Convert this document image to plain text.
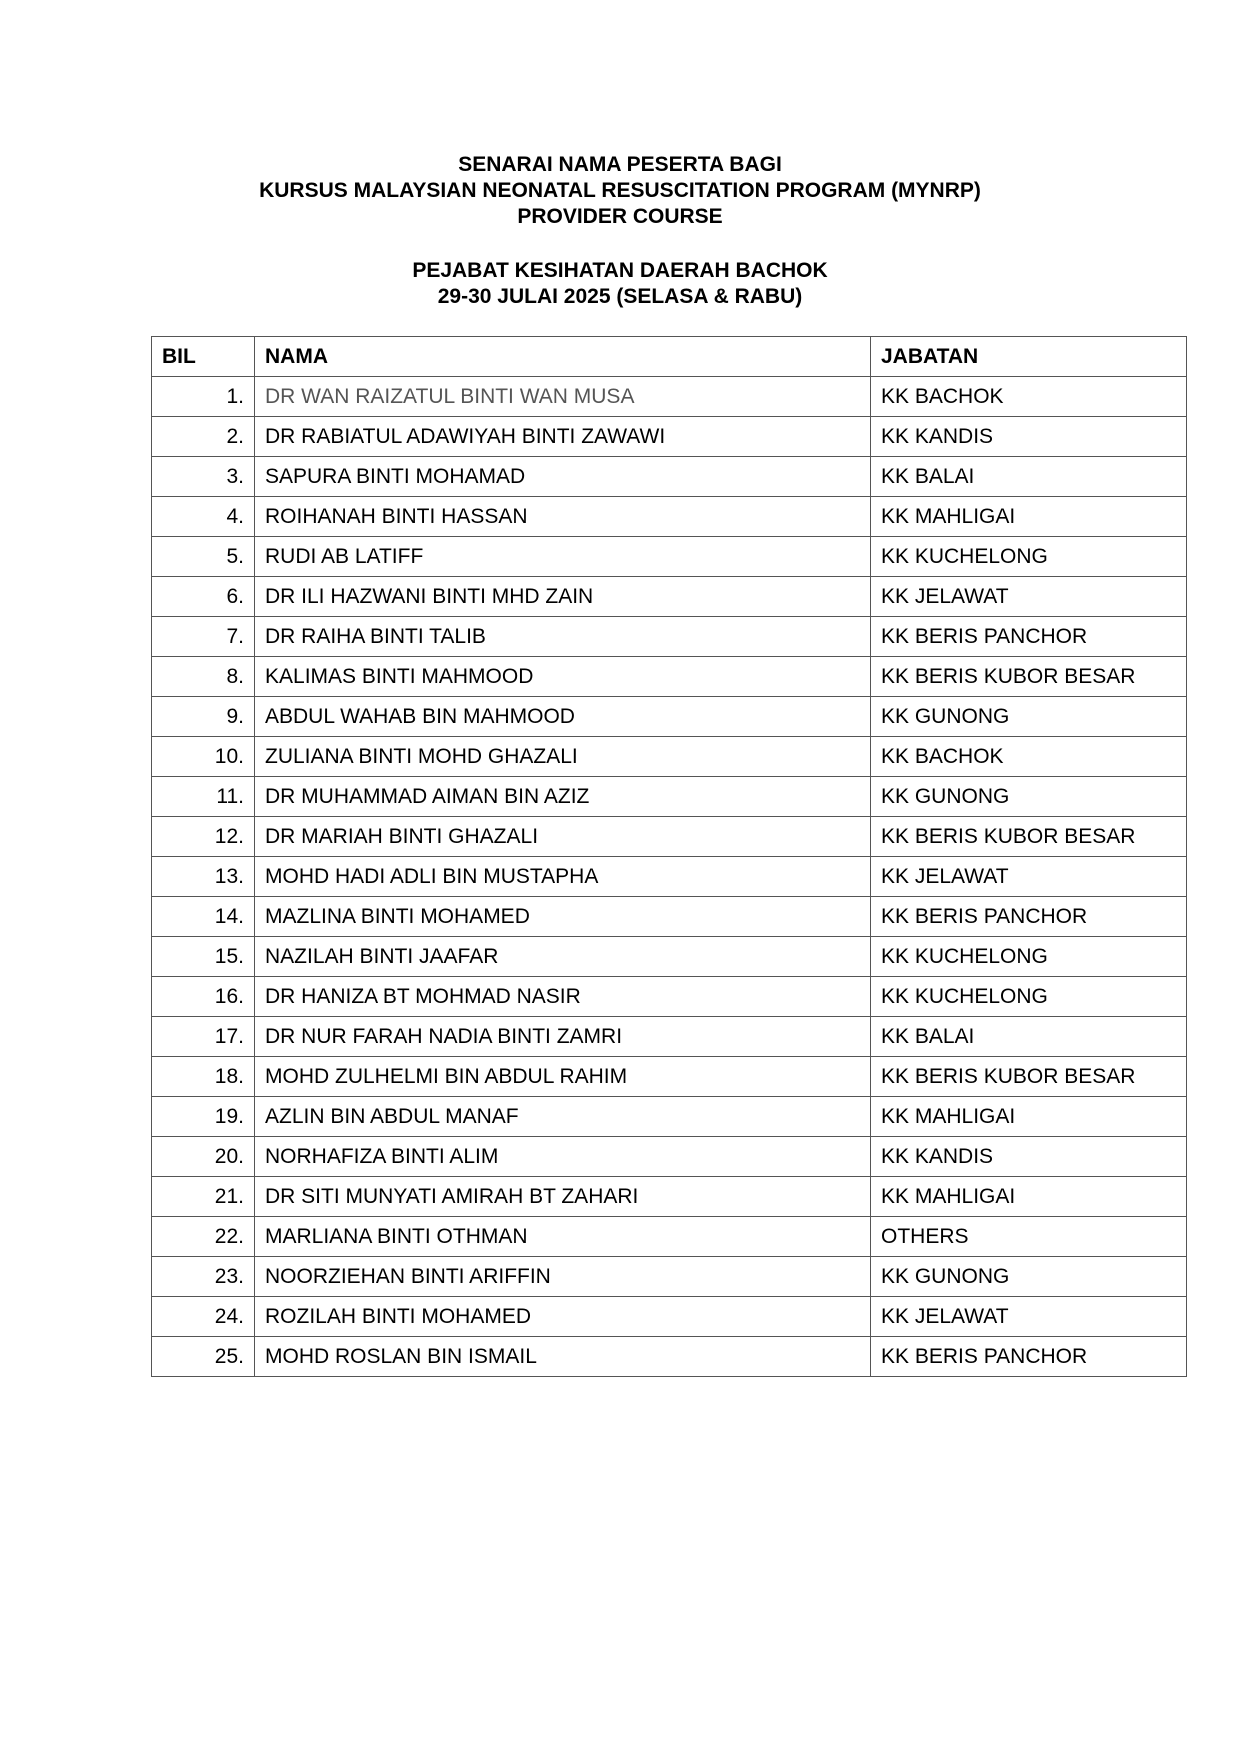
SENARAI NAMA PESERTA BAGI
KURSUS MALAYSIAN NEONATAL RESUSCITATION PROGRAM (MYNRP)
PROVIDER COURSE
PEJABAT KESIHATAN DAERAH BACHOK
29-30 JULAI 2025 (SELASA & RABU)
BIL	NAMA	JABATAN
1.	DR WAN RAIZATUL BINTI WAN MUSA	KK BACHOK
2.	DR RABIATUL ADAWIYAH BINTI ZAWAWI	KK KANDIS
3.	SAPURA BINTI MOHAMAD	KK BALAI
4.	ROIHANAH BINTI HASSAN	KK MAHLIGAI
5.	RUDI AB LATIFF	KK KUCHELONG
6.	DR ILI HAZWANI BINTI MHD ZAIN	KK JELAWAT
7.	DR RAIHA BINTI TALIB	KK BERIS PANCHOR
8.	KALIMAS BINTI MAHMOOD	KK BERIS KUBOR BESAR
9.	ABDUL WAHAB BIN MAHMOOD	KK GUNONG
10.	ZULIANA BINTI MOHD GHAZALI	KK BACHOK
11.	DR MUHAMMAD AIMAN BIN AZIZ	KK GUNONG
12.	DR MARIAH BINTI GHAZALI	KK BERIS KUBOR BESAR
13.	MOHD HADI ADLI BIN MUSTAPHA	KK JELAWAT
14.	MAZLINA BINTI MOHAMED	KK BERIS PANCHOR
15.	NAZILAH BINTI JAAFAR	KK KUCHELONG
16.	DR HANIZA BT MOHMAD NASIR	KK KUCHELONG
17.	DR NUR FARAH NADIA BINTI ZAMRI	KK BALAI
18.	MOHD ZULHELMI BIN ABDUL RAHIM	KK BERIS KUBOR BESAR
19.	AZLIN BIN ABDUL MANAF	KK MAHLIGAI
20.	NORHAFIZA BINTI ALIM	KK KANDIS
21.	DR SITI MUNYATI AMIRAH BT ZAHARI	KK MAHLIGAI
22.	MARLIANA BINTI OTHMAN	OTHERS
23.	NOORZIEHAN BINTI ARIFFIN	KK GUNONG
24.	ROZILAH BINTI MOHAMED	KK JELAWAT
25.	MOHD ROSLAN BIN ISMAIL	KK BERIS PANCHOR
